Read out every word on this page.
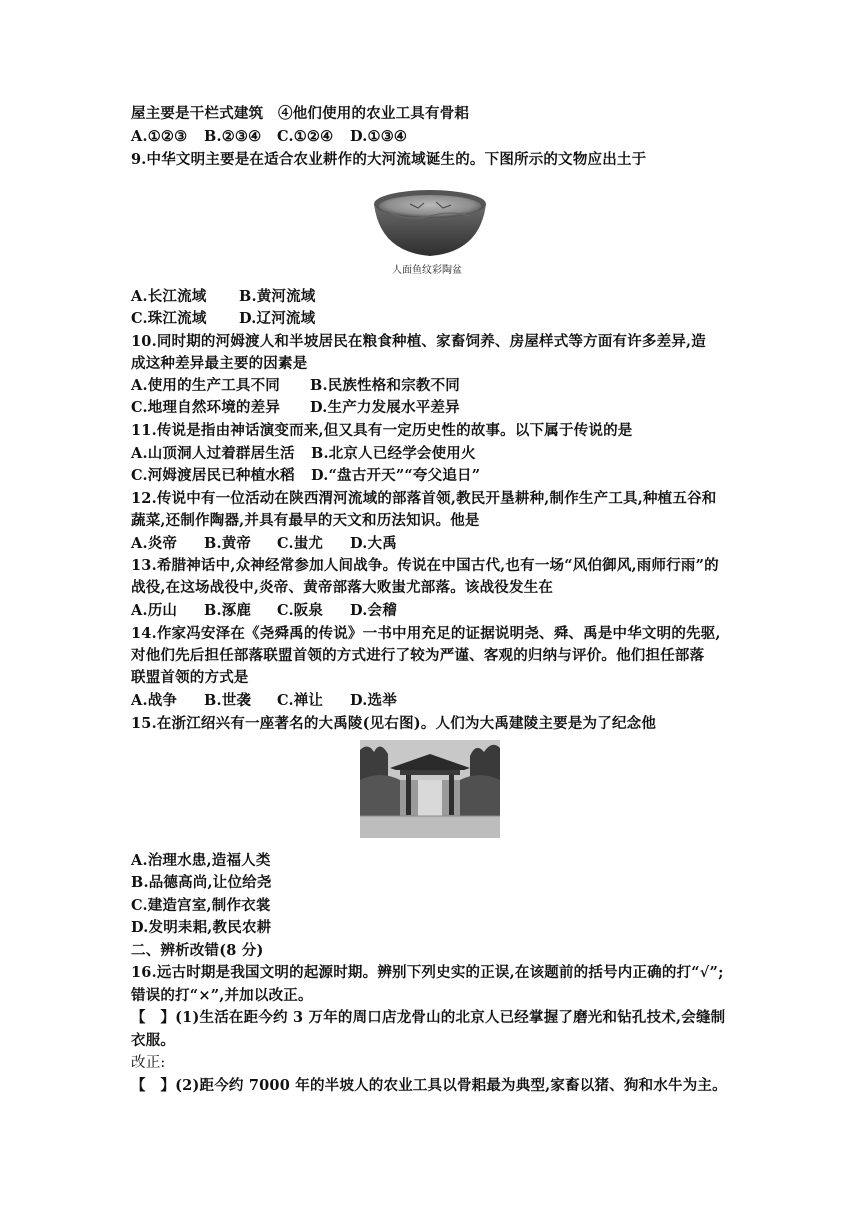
屋主要是干栏式建筑　④他们使用的农业工具有骨耜
A.①②③ B.②③④ C.①②④ D.①③④
9.中华文明主要是在适合农业耕作的大河流域诞生的。下图所示的文物应出土于
人面鱼纹彩陶盆
A.长江流域 B.黄河流域
C.珠江流域 D.辽河流域
10.同时期的河姆渡人和半坡居民在粮食种植、家畜饲养、房屋样式等方面有许多差异,造
成这种差异最主要的因素是
A.使用的生产工具不同 B.民族性格和宗教不同
C.地理自然环境的差异 D.生产力发展水平差异
11.传说是指由神话演变而来,但又具有一定历史性的故事。以下属于传说的是
A.山顶洞人过着群居生活 B.北京人已经学会使用火
C.河姆渡居民已种植水稻 D.“盘古开天”“夸父追日”
12.传说中有一位活动在陕西渭河流域的部落首领,教民开垦耕种,制作生产工具,种植五谷和
蔬菜,还制作陶器,并具有最早的天文和历法知识。他是
A.炎帝 B.黄帝 C.蚩尤 D.大禹
13.希腊神话中,众神经常参加人间战争。传说在中国古代,也有一场“风伯御风,雨师行雨”的
战役,在这场战役中,炎帝、黄帝部落大败蚩尤部落。该战役发生在
A.历山 B.涿鹿 C.阪泉 D.会稽
14.作家冯安泽在《尧舜禹的传说》一书中用充足的证据说明尧、舜、禹是中华文明的先驱,
对他们先后担任部落联盟首领的方式进行了较为严谨、客观的归纳与评价。他们担任部落
联盟首领的方式是
A.战争 B.世袭 C.禅让 D.选举
15.在浙江绍兴有一座著名的大禹陵(见右图)。人们为大禹建陵主要是为了纪念他
A.治理水患,造福人类
B.品德高尚,让位给尧
C.建造宫室,制作衣裳
D.发明耒耜,教民农耕
二、辨析改错(8 分)
16.远古时期是我国文明的起源时期。辨别下列史实的正误,在该题前的括号内正确的打“√”;
错误的打“×”,并加以改正。
【　】(1)生活在距今约 3 万年的周口店龙骨山的北京人已经掌握了磨光和钻孔技术,会缝制
衣服。
改正:
【　】(2)距今约 7000 年的半坡人的农业工具以骨耜最为典型,家畜以猪、狗和水牛为主。
